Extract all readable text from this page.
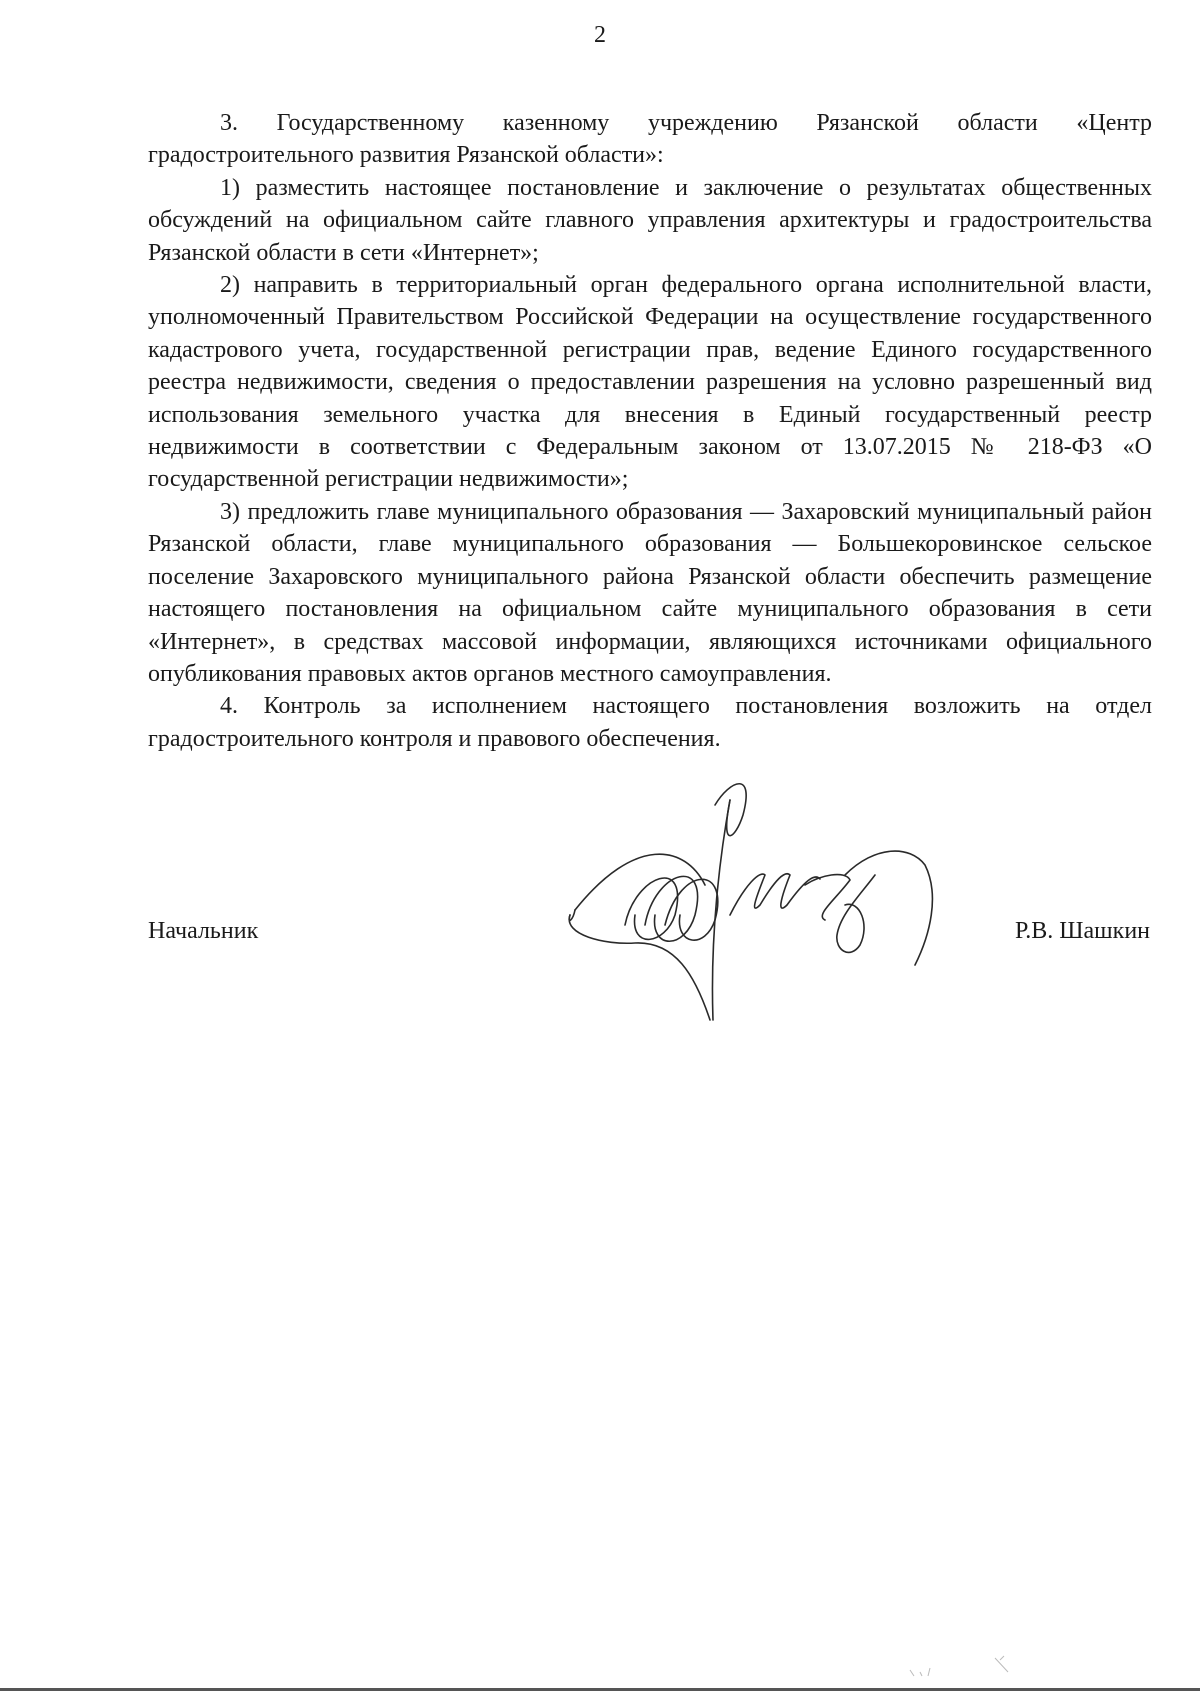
2

3. Государственному казенному учреждению Рязанской области «Центр градостроительного развития Рязанской области»:

1) разместить настоящее постановление и заключение о результатах общественных обсуждений на официальном сайте главного управления архитектуры и градостроительства Рязанской области в сети «Интернет»;

2) направить в территориальный орган федерального органа исполнительной власти, уполномоченный Правительством Российской Федерации на осуществление государственного кадастрового учета, государственной регистрации прав, ведение Единого государственного реестра недвижимости, сведения о предоставлении разрешения на условно разрешенный вид использования земельного участка для внесения в Единый государственный реестр недвижимости в соответствии с Федеральным законом от 13.07.2015 № 218-ФЗ «О государственной регистрации недвижимости»;

3) предложить главе муниципального образования — Захаровский муниципальный район Рязанской области, главе муниципального образования — Большекоровинское сельское поселение Захаровского муниципального района Рязанской области обеспечить размещение настоящего постановления на официальном сайте муниципального образования в сети «Интернет», в средствах массовой информации, являющихся источниками официального опубликования правовых актов органов местного самоуправления.

4. Контроль за исполнением настоящего постановления возложить на отдел градостроительного контроля и правового обеспечения.

Начальник	Р.В. Шашкин
